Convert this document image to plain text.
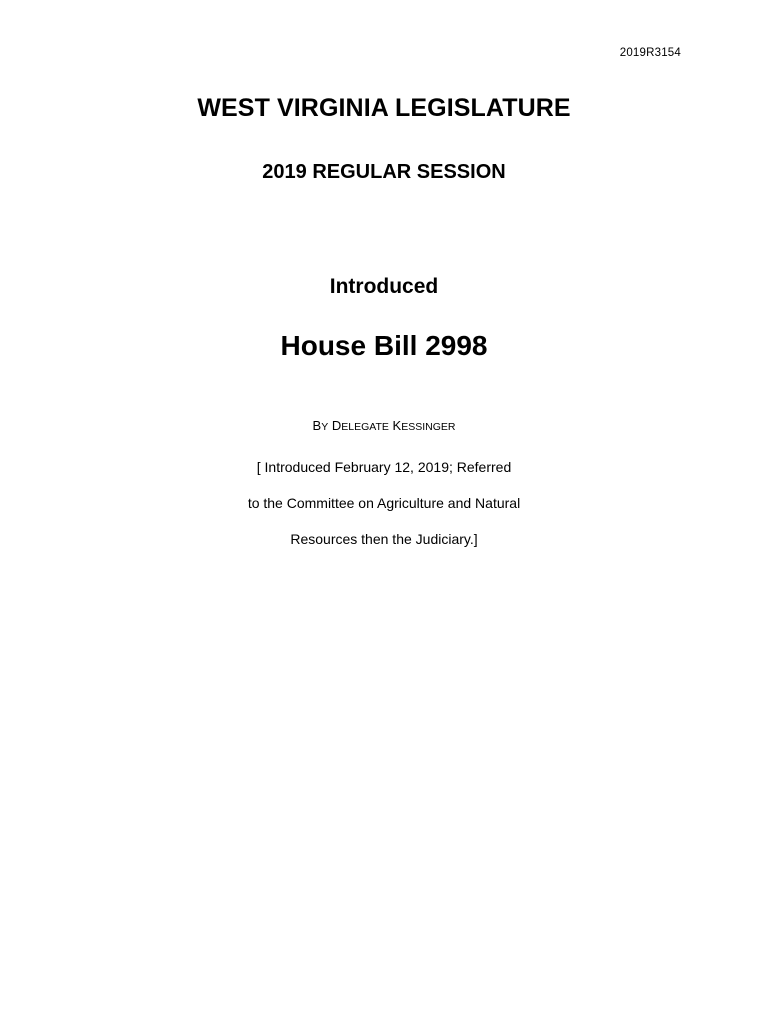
2019R3154
WEST VIRGINIA LEGISLATURE
2019 REGULAR SESSION
Introduced
House Bill 2998
BY DELEGATE KESSINGER
[ Introduced February 12, 2019; Referred
to the Committee on Agriculture and Natural
Resources then the Judiciary.]
